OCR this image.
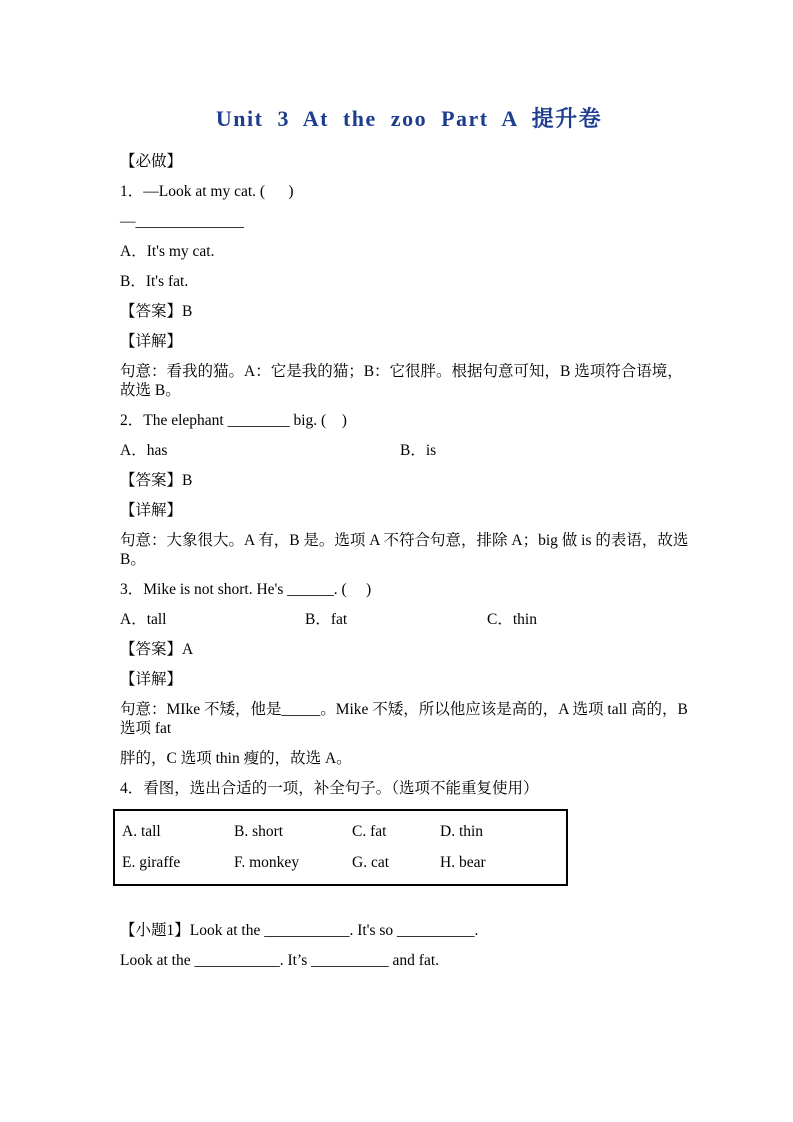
Unit 3 At the zoo Part A 提升卷

【必做】

1．—Look at my cat. (      )

—______________

A．It's my cat.

B．It's fat.

【答案】B

【详解】

句意：看我的猫。A：它是我的猫；B：它很胖。根据句意可知，B 选项符合语境，故选 B。

2．The elephant ________ big. (    )

A．has	B．is

【答案】B

【详解】

句意：大象很大。A 有，B 是。选项 A 不符合句意，排除 A；big 做 is 的表语，故选 B。

3．Mike is not short. He's ______. (     )

A．tall	B．fat	C．thin

【答案】A

【详解】

句意：MIke 不矮，他是_____。Mike 不矮，所以他应该是高的，A 选项 tall 高的，B 选项 fat

胖的，C 选项 thin 瘦的，故选 A。

4．看图，选出合适的一项，补全句子。（选项不能重复使用）

A. tall	B. short	C. fat	D. thin
E. giraffe	F. monkey	G. cat	H. bear

【小题1】Look at the ___________. It's so __________.

Look at the ___________. It’s __________ and fat.
